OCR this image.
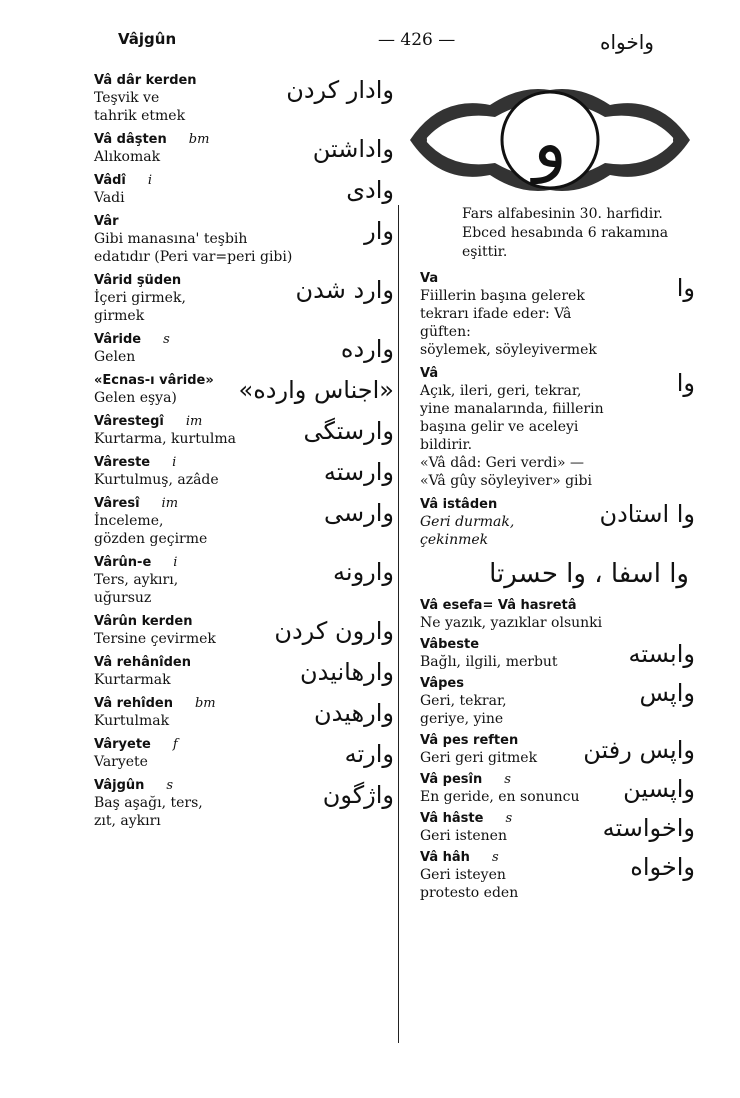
Vâjgûn	— 426 —	واخواه
و
Vâ dâr kerden
Teşvik ve
tahrik etmek
وادار كردن
Vâ dâşten bm
Alıkomak	واداشتن
Vâdî i
Vadi	وادى
Vâr
Gibi manasına' teşbih
edatıdır (Peri var=peri gibi)
وار
Vârid şüden
İçeri girmek,
girmek
وارد شدن
Vâride s
Gelen	وارده
«Ecnas-ı vâride»
Gelen eşya)	«اجناس وارده»
Vârestegî im
Kurtarma, kurtulma	وارستگى
Vâreste i
Kurtulmuş, azâde	وارسته
Vâresî im
İnceleme,
gözden geçirme
وارسى
Vârûn-e i
Ters, aykırı,
uğursuz
وارونه
Vârûn kerden
Tersine çevirmek	وارون كردن
Vâ rehânîden
Kurtarmak	وارهانيدن
Vâ rehîden bm
Kurtulmak	وارهيدن
Vâryete f
Varyete	وارته
Vâjgûn s
Baş aşağı, ters,
zıt, aykırı
واژگون
Fars alfabesinin 30. harfidir. Ebced hesabında 6 rakamına eşittir.
Va
Fiillerin başına gelerek
tekrarı ifade eder: Vâ güften:
söylemek, söyleyivermek
وا
Vâ
Açık, ileri, geri, tekrar,
yine manalarında, fiillerin başına gelir ve aceleyi bildirir.
«Vâ dâd: Geri verdi» —
«Vâ gûy söyleyiver» gibi
وا
Vâ istâden
Geri durmak,
çekinmek
وا استادن
وا اسفا ، وا حسرتا
Vâ esefa= Vâ hasretâ
Ne yazık, yazıklar olsunki
Vâbeste
Bağlı, ilgili, merbut	وابسته
Vâpes
Geri, tekrar,
geriye, yine
واپس
Vâ pes reften
Geri geri gitmek	واپس رفتن
Vâ pesîn s
En geride, en sonuncu	واپسين
Vâ hâste s
Geri istenen	واخواسته
Vâ hâh s
Geri isteyen
protesto eden
واخواه
